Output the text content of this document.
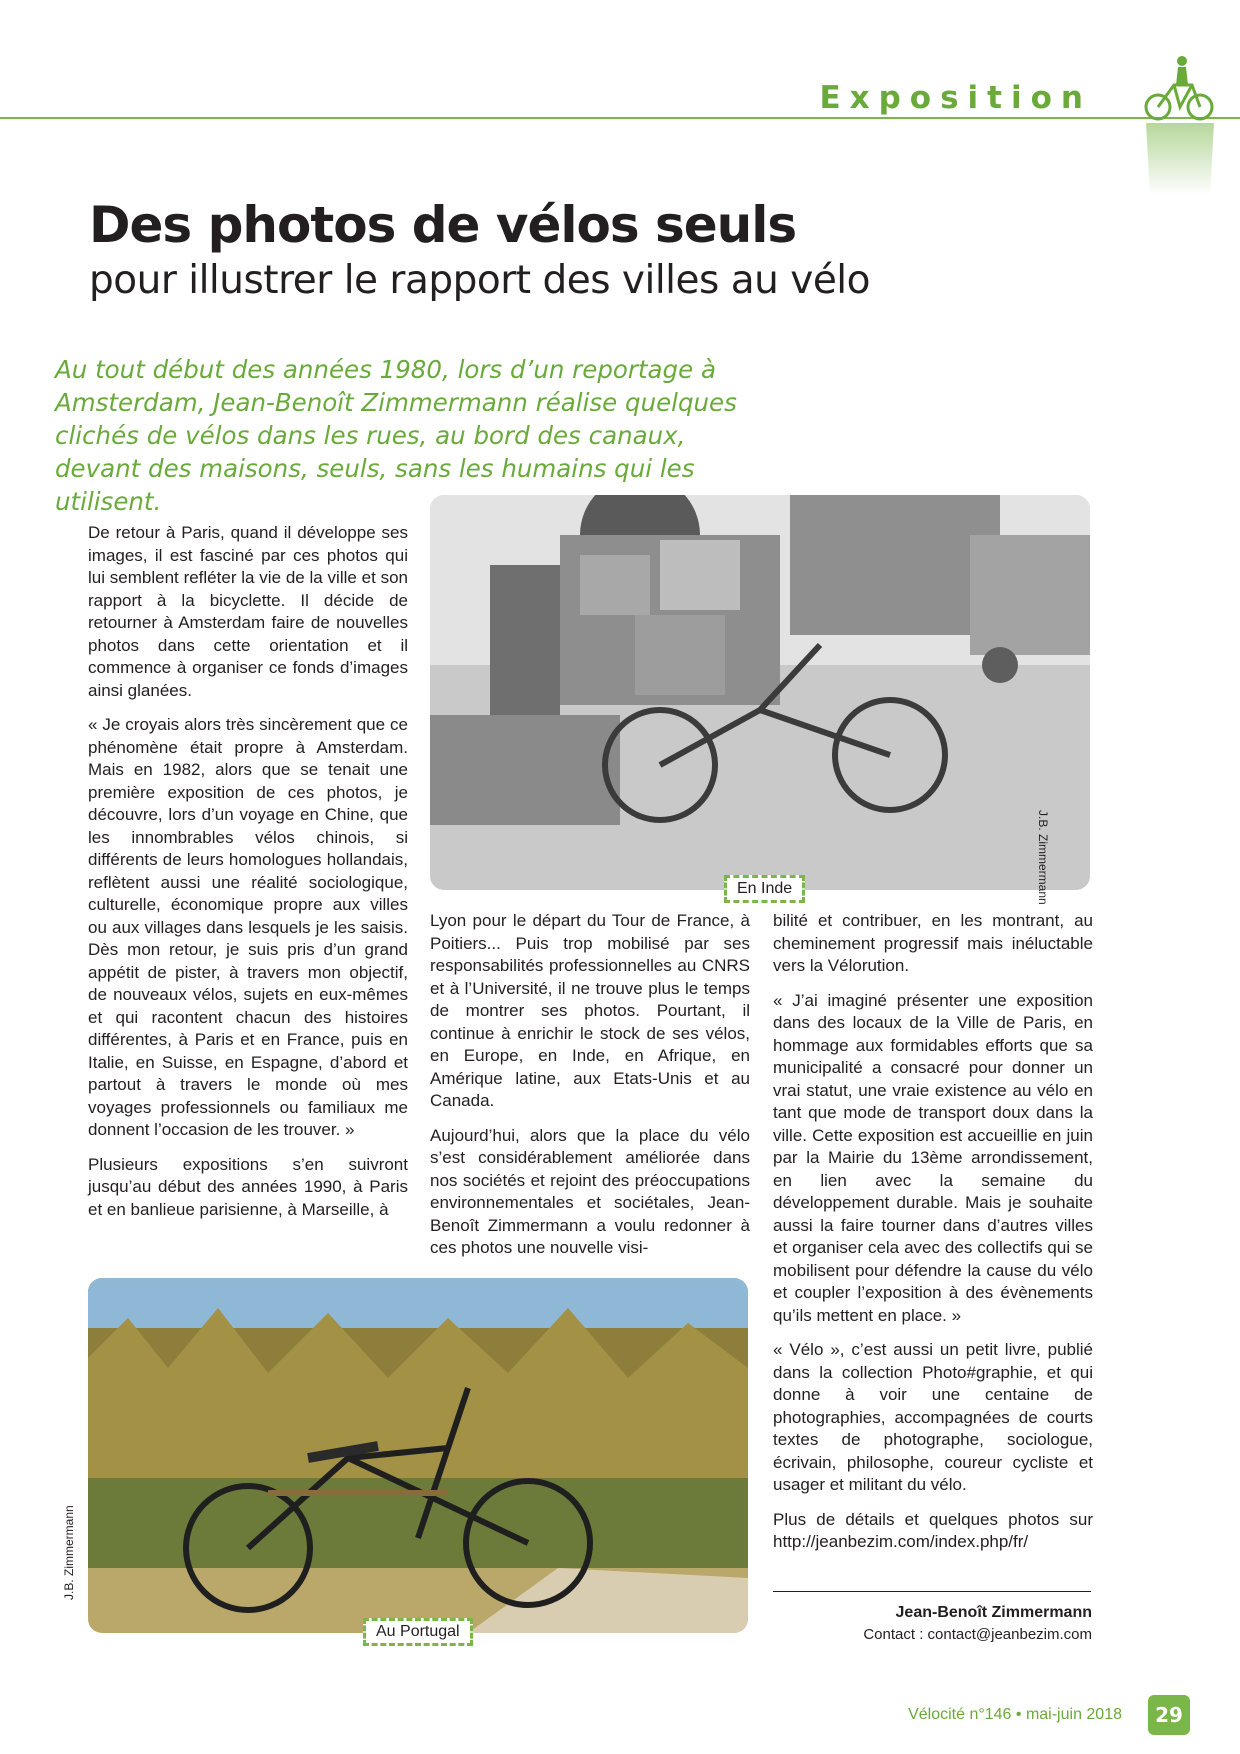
Exposition
Des photos de vélos seuls
pour illustrer le rapport des villes au vélo
Au tout début des années 1980, lors d’un reportage à Amsterdam, Jean-Benoît Zimmermann réalise quelques clichés de vélos dans les rues, au bord des canaux, devant des maisons, seuls, sans les humains qui les utilisent.

De retour à Paris, quand il développe ses images, il est fasciné par ces photos qui lui semblent refléter la vie de la ville et son rapport à la bicyclette. Il décide de retourner à Amsterdam faire de nouvelles photos dans cette orientation et il commence à organiser ce fonds d’images ainsi glanées.

« Je croyais alors très sincèrement que ce phénomène était propre à Amsterdam. Mais en 1982, alors que se tenait une première exposition de ces photos, je découvre, lors d’un voyage en Chine, que les innombrables vélos chinois, si différents de leurs homologues hollandais, reflètent aussi une réalité sociologique, culturelle, économique propre aux villes ou aux villages dans lesquels je les saisis. Dès mon retour, je suis pris d’un grand appétit de pister, à travers mon objectif, de nouveaux vélos, sujets en eux-mêmes et qui racontent chacun des histoires différentes, à Paris et en France, puis en Italie, en Suisse, en Espagne, d’abord et partout à travers le monde où mes voyages professionnels ou familiaux me donnent l’occasion de les trouver. »

Plusieurs expositions s’en suivront jusqu’au début des années 1990, à Paris et en banlieue parisienne, à Marseille, à

En Inde	J.B. Zimmermann

Lyon pour le départ du Tour de France, à Poitiers... Puis trop mobilisé par ses responsabilités professionnelles au CNRS et à l’Université, il ne trouve plus le temps de montrer ses photos. Pourtant, il continue à enrichir le stock de ses vélos, en Europe, en Inde, en Afrique, en Amérique latine, aux Etats-Unis et au Canada.

Aujourd’hui, alors que la place du vélo s’est considérablement améliorée dans nos sociétés et rejoint des préoccupations environnementales et sociétales, Jean-Benoît Zimmermann a voulu redonner à ces photos une nouvelle visi-

bilité et contribuer, en les montrant, au cheminement progressif mais inéluctable vers la Vélorution.

« J’ai imaginé présenter une exposition dans des locaux de la Ville de Paris, en hommage aux formidables efforts que sa municipalité a consacré pour donner un vrai statut, une vraie existence au vélo en tant que mode de transport doux dans la ville. Cette exposition est accueillie en juin par la Mairie du 13ème arrondissement, en lien avec la semaine du développement durable. Mais je souhaite aussi la faire tourner dans d’autres villes et organiser cela avec des collectifs qui se mobilisent pour défendre la cause du vélo et coupler l’exposition à des évènements qu’ils mettent en place. »

« Vélo », c’est aussi un petit livre, publié dans la collection Photo#graphie, et qui donne à voir une centaine de photographies, accompagnées de courts textes de photographe, sociologue, écrivain, philosophe, coureur cycliste et usager et militant du vélo.

Plus de détails et quelques photos sur http://jeanbezim.com/index.php/fr/

Au Portugal
J.B. Zimmermann
Jean-Benoît Zimmermann
Contact : contact@jeanbezim.com
Vélocité n°146 • mai-juin 2018	29
